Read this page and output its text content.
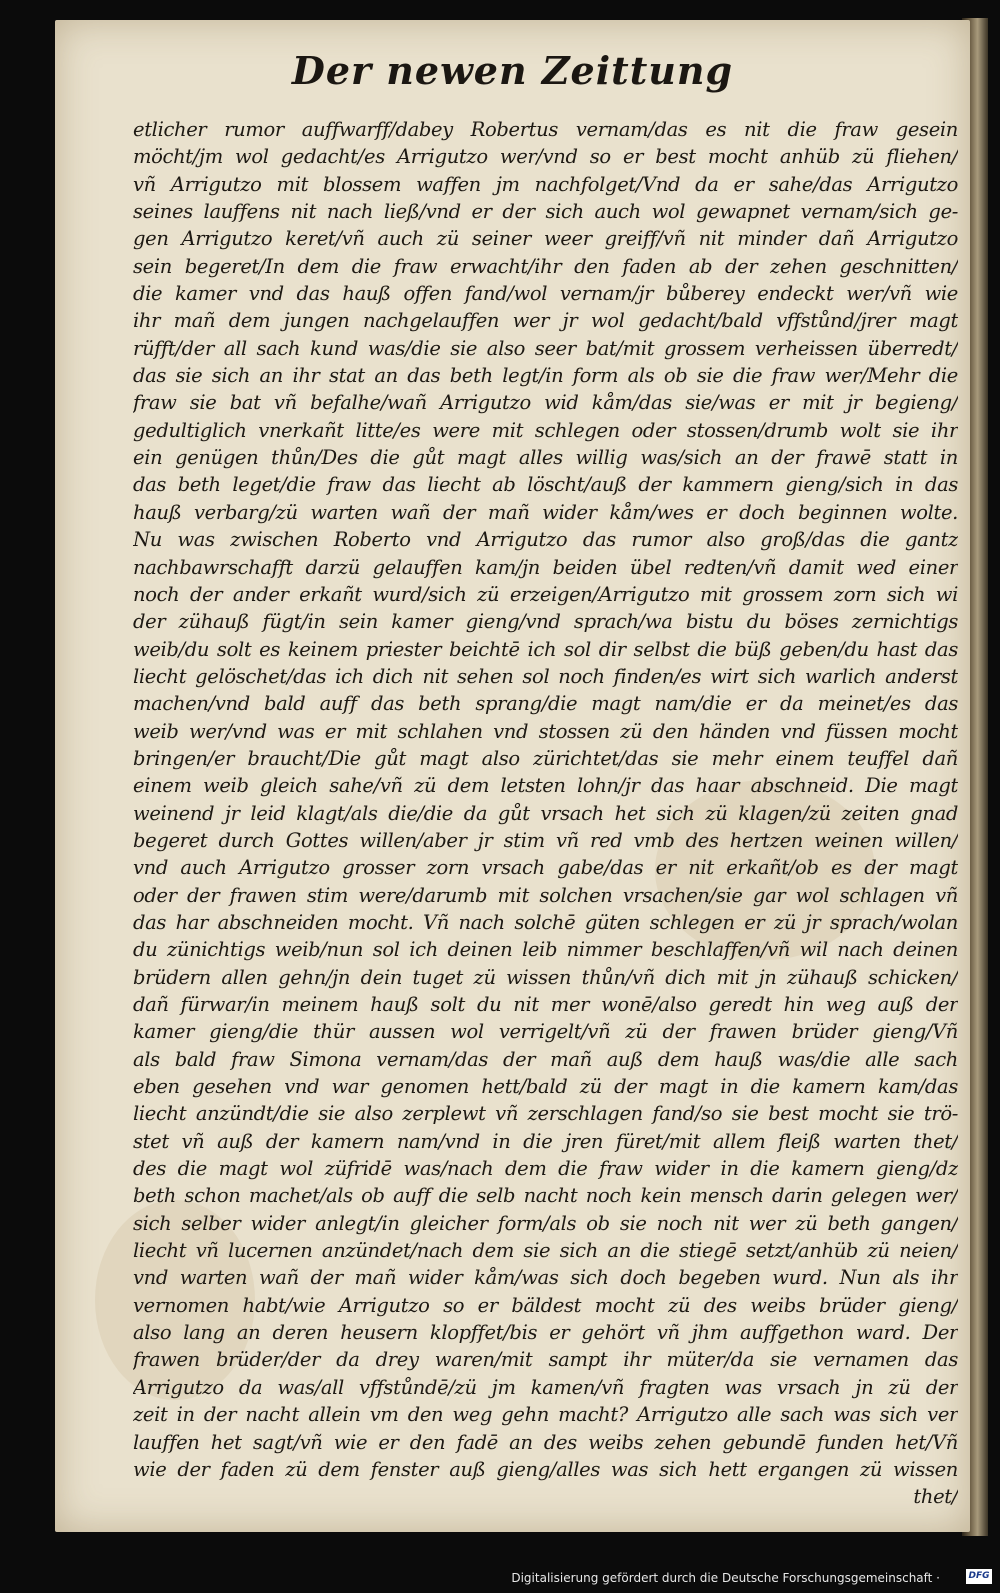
Der newen Zeittung
etlicher rumor auffwarff/dabey Robertus vernam/das es nit die fraw gesein
möcht/jm wol gedacht/es Arrigutzo wer/vnd so er best mocht anhüb zü fliehen/
vñ Arrigutzo mit blossem waffen jm nachfolget/Vnd da er sahe/das Arrigutzo
seines lauffens nit nach ließ/vnd er der sich auch wol gewapnet vernam/sich ge-
gen Arrigutzo keret/vñ auch zü seiner weer greiff/vñ nit minder dañ Arrigutzo
sein begeret/In dem die fraw erwacht/ihr den faden ab der zehen geschnitten/
die kamer vnd das hauß offen fand/wol vernam/jr bůberey endeckt wer/vñ wie
ihr mañ dem jungen nachgelauffen wer jr wol gedacht/bald vffstůnd/jrer magt
rüfft/der all sach kund was/die sie also seer bat/mit grossem verheissen überredt/
das sie sich an ihr stat an das beth legt/in form als ob sie die fraw wer/Mehr die
fraw sie bat vñ befalhe/wañ Arrigutzo wid kåm/das sie/was er mit jr begieng/
gedultiglich vnerkañt litte/es were mit schlegen oder stossen/drumb wolt sie ihr
ein genügen thůn/Des die gůt magt alles willig was/sich an der frawē statt in
das beth leget/die fraw das liecht ab löscht/auß der kammern gieng/sich in das
hauß verbarg/zü warten wañ der mañ wider kåm/wes er doch beginnen wolte.
Nu was zwischen Roberto vnd Arrigutzo das rumor also groß/das die gantz
nachbawrschafft darzü gelauffen kam/jn beiden übel redten/vñ damit wed einer
noch der ander erkañt wurd/sich zü erzeigen/Arrigutzo mit grossem zorn sich wi
der zühauß fügt/in sein kamer gieng/vnd sprach/wa bistu du böses zernichtigs
weib/du solt es keinem priester beichtē ich sol dir selbst die büß geben/du hast das
liecht gelöschet/das ich dich nit sehen sol noch finden/es wirt sich warlich anderst
machen/vnd bald auff das beth sprang/die magt nam/die er da meinet/es das
weib wer/vnd was er mit schlahen vnd stossen zü den händen vnd füssen mocht
bringen/er braucht/Die gůt magt also zürichtet/das sie mehr einem teuffel dañ
einem weib gleich sahe/vñ zü dem letsten lohn/jr das haar abschneid. Die magt
weinend jr leid klagt/als die/die da gůt vrsach het sich zü klagen/zü zeiten gnad
begeret durch Gottes willen/aber jr stim vñ red vmb des hertzen weinen willen/
vnd auch Arrigutzo grosser zorn vrsach gabe/das er nit erkañt/ob es der magt
oder der frawen stim were/darumb mit solchen vrsachen/sie gar wol schlagen vñ
das har abschneiden mocht. Vñ nach solchē güten schlegen er zü jr sprach/wolan
du zünichtigs weib/nun sol ich deinen leib nimmer beschlaffen/vñ wil nach deinen
brüdern allen gehn/jn dein tuget zü wissen thůn/vñ dich mit jn zühauß schicken/
dañ fürwar/in meinem hauß solt du nit mer wonē/also geredt hin weg auß der
kamer gieng/die thür aussen wol verrigelt/vñ zü der frawen brüder gieng/Vñ
als bald fraw Simona vernam/das der mañ auß dem hauß was/die alle sach
eben gesehen vnd war genomen hett/bald zü der magt in die kamern kam/das
liecht anzündt/die sie also zerplewt vñ zerschlagen fand/so sie best mocht sie trö-
stet vñ auß der kamern nam/vnd in die jren füret/mit allem fleiß warten thet/
des die magt wol züfridē was/nach dem die fraw wider in die kamern gieng/dz
beth schon machet/als ob auff die selb nacht noch kein mensch darin gelegen wer/
sich selber wider anlegt/in gleicher form/als ob sie noch nit wer zü beth gangen/
liecht vñ lucernen anzündet/nach dem sie sich an die stiegē setzt/anhüb zü neien/
vnd warten wañ der mañ wider kåm/was sich doch begeben wurd. Nun als ihr
vernomen habt/wie Arrigutzo so er bäldest mocht zü des weibs brüder gieng/
also lang an deren heusern klopffet/bis er gehört vñ jhm auffgethon ward. Der
frawen brüder/der da drey waren/mit sampt ihr müter/da sie vernamen das
Arrigutzo da was/all vffstůndē/zü jm kamen/vñ fragten was vrsach jn zü der
zeit in der nacht allein vm den weg gehn macht? Arrigutzo alle sach was sich ver
lauffen het sagt/vñ wie er den fadē an des weibs zehen gebundē funden het/Vñ
wie der faden zü dem fenster auß gieng/alles was sich hett ergangen zü wissen
thet/
Digitalisierung gefördert durch die Deutsche Forschungsgemeinschaft ·	DFG
